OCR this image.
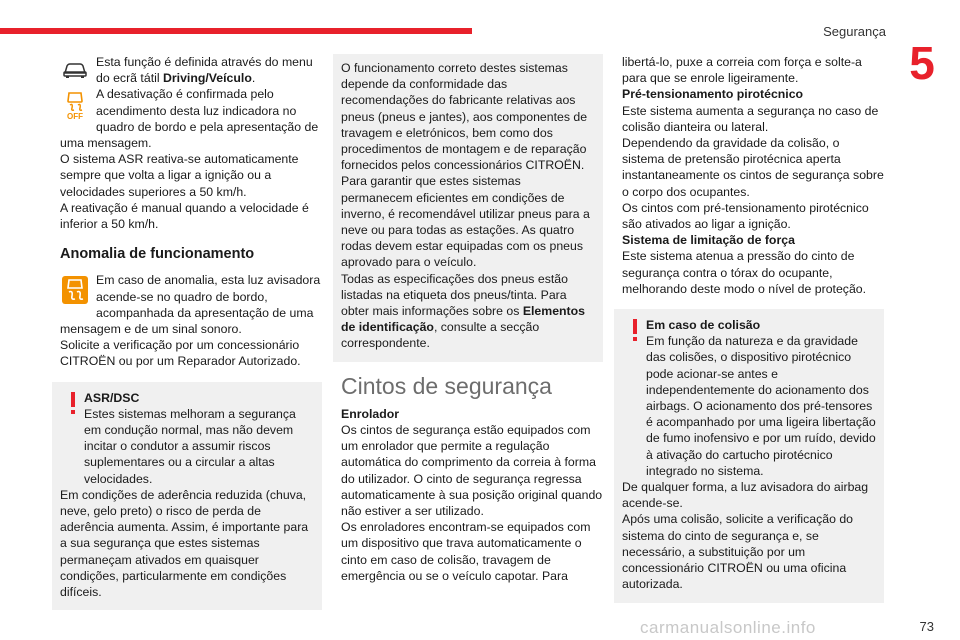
Segurança
5

Esta função é definida através do menu do ecrã tátil Driving/Veículo.

OFF

A desativação é confirmada pelo acendimento desta luz indicadora no quadro de bordo e pela apresentação de uma mensagem.

O sistema ASR reativa-se automaticamente sempre que volta a ligar a ignição ou a velocidades superiores a 50 km/h.

A reativação é manual quando a velocidade é inferior a 50 km/h.

Anomalia de funcionamento

Em caso de anomalia, esta luz avisadora acende-se no quadro de bordo, acompanhada da apresentação de uma mensagem e de um sinal sonoro.

Solicite a verificação por um concessionário CITROËN ou por um Reparador Autorizado.

ASR/DSC

Estes sistemas melhoram a segurança em condução normal, mas não devem incitar o condutor a assumir riscos suplementares ou a circular a altas velocidades.

Em condições de aderência reduzida (chuva, neve, gelo preto) o risco de perda de aderência aumenta. Assim, é importante para a sua segurança que estes sistemas permaneçam ativados em quaisquer condições, particularmente em condições difíceis.

O funcionamento correto destes sistemas depende da conformidade das recomendações do fabricante relativas aos pneus (pneus e jantes), aos componentes de travagem e eletrónicos, bem como dos procedimentos de montagem e de reparação fornecidos pelos concessionários CITROËN.

Para garantir que estes sistemas permanecem eficientes em condições de inverno, é recomendável utilizar pneus para a neve ou para todas as estações. As quatro rodas devem estar equipadas com os pneus aprovado para o veículo.

Todas as especificações dos pneus estão listadas na etiqueta dos pneus/tinta. Para obter mais informações sobre os Elementos de identificação, consulte a secção correspondente.

Cintos de segurança

Enrolador

Os cintos de segurança estão equipados com um enrolador que permite a regulação automática do comprimento da correia à forma do utilizador. O cinto de segurança regressa automaticamente à sua posição original quando não estiver a ser utilizado.

Os enroladores encontram-se equipados com um dispositivo que trava automaticamente o cinto em caso de colisão, travagem de emergência ou se o veículo capotar. Para

libertá-lo, puxe a correia com força e solte-a para que se enrole ligeiramente.

Pré-tensionamento pirotécnico

Este sistema aumenta a segurança no caso de colisão dianteira ou lateral.

Dependendo da gravidade da colisão, o sistema de pretensão pirotécnica aperta instantaneamente os cintos de segurança sobre o corpo dos ocupantes.

Os cintos com pré-tensionamento pirotécnico são ativados ao ligar a ignição.

Sistema de limitação de força

Este sistema atenua a pressão do cinto de segurança contra o tórax do ocupante, melhorando deste modo o nível de proteção.

Em caso de colisão

Em função da natureza e da gravidade das colisões, o dispositivo pirotécnico pode acionar-se antes e independentemente do acionamento dos airbags. O acionamento dos pré-tensores é acompanhado por uma ligeira libertação de fumo inofensivo e por um ruído, devido à ativação do cartucho pirotécnico integrado no sistema.

De qualquer forma, a luz avisadora do airbag acende-se.

Após uma colisão, solicite a verificação do sistema do cinto de segurança e, se necessário, a substituição por um concessionário CITROËN ou uma oficina autorizada.

carmanualsonline.info	73
